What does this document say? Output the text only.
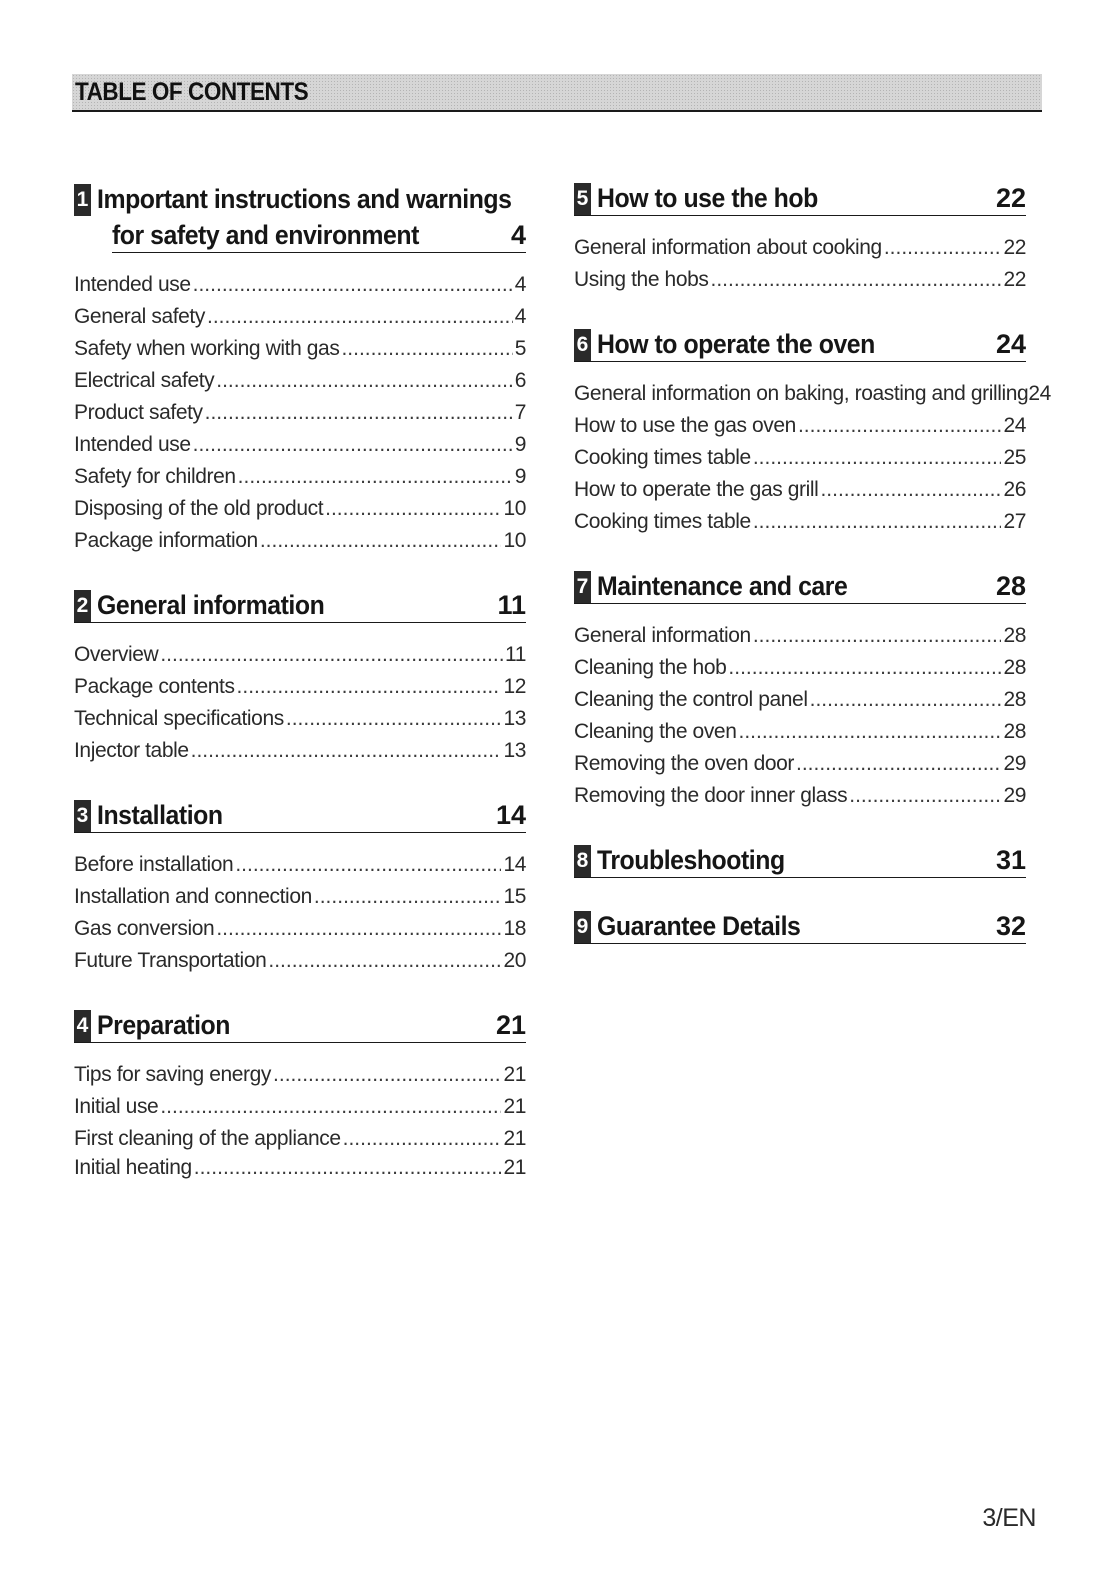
TABLE OF CONTENTS
1 Important instructions and warnings
for safety and environment	4
Intended use .....	4
General safety .....	4
Safety when working with gas .....	5
Electrical safety .....	6
Product safety .....	7
Intended use .....	9
Safety for children .....	9
Disposing of the old product .....	10
Package information .....	10
2 General information	11
Overview .....	11
Package contents .....	12
Technical specifications .....	13
Injector table .....	13
3 Installation	14
Before installation .....	14
Installation and connection .....	15
Gas conversion .....	18
Future Transportation .....	20
4 Preparation	21
Tips for saving energy .....	21
Initial use .....	21
First cleaning of the appliance .....	21
Initial heating .....	21
5 How to use the hob	22
General information about cooking .....	22
Using the hobs .....	22
6 How to operate the oven	24
General information on baking, roasting and grilling24
How to use the gas oven .....	24
Cooking times table .....	25
How to operate the gas grill .....	26
Cooking times table .....	27
7 Maintenance and care	28
General information .....	28
Cleaning the hob .....	28
Cleaning the control panel .....	28
Cleaning the oven .....	28
Removing the oven door .....	29
Removing the door inner glass .....	29
8 Troubleshooting	31
9 Guarantee Details	32
3/EN
